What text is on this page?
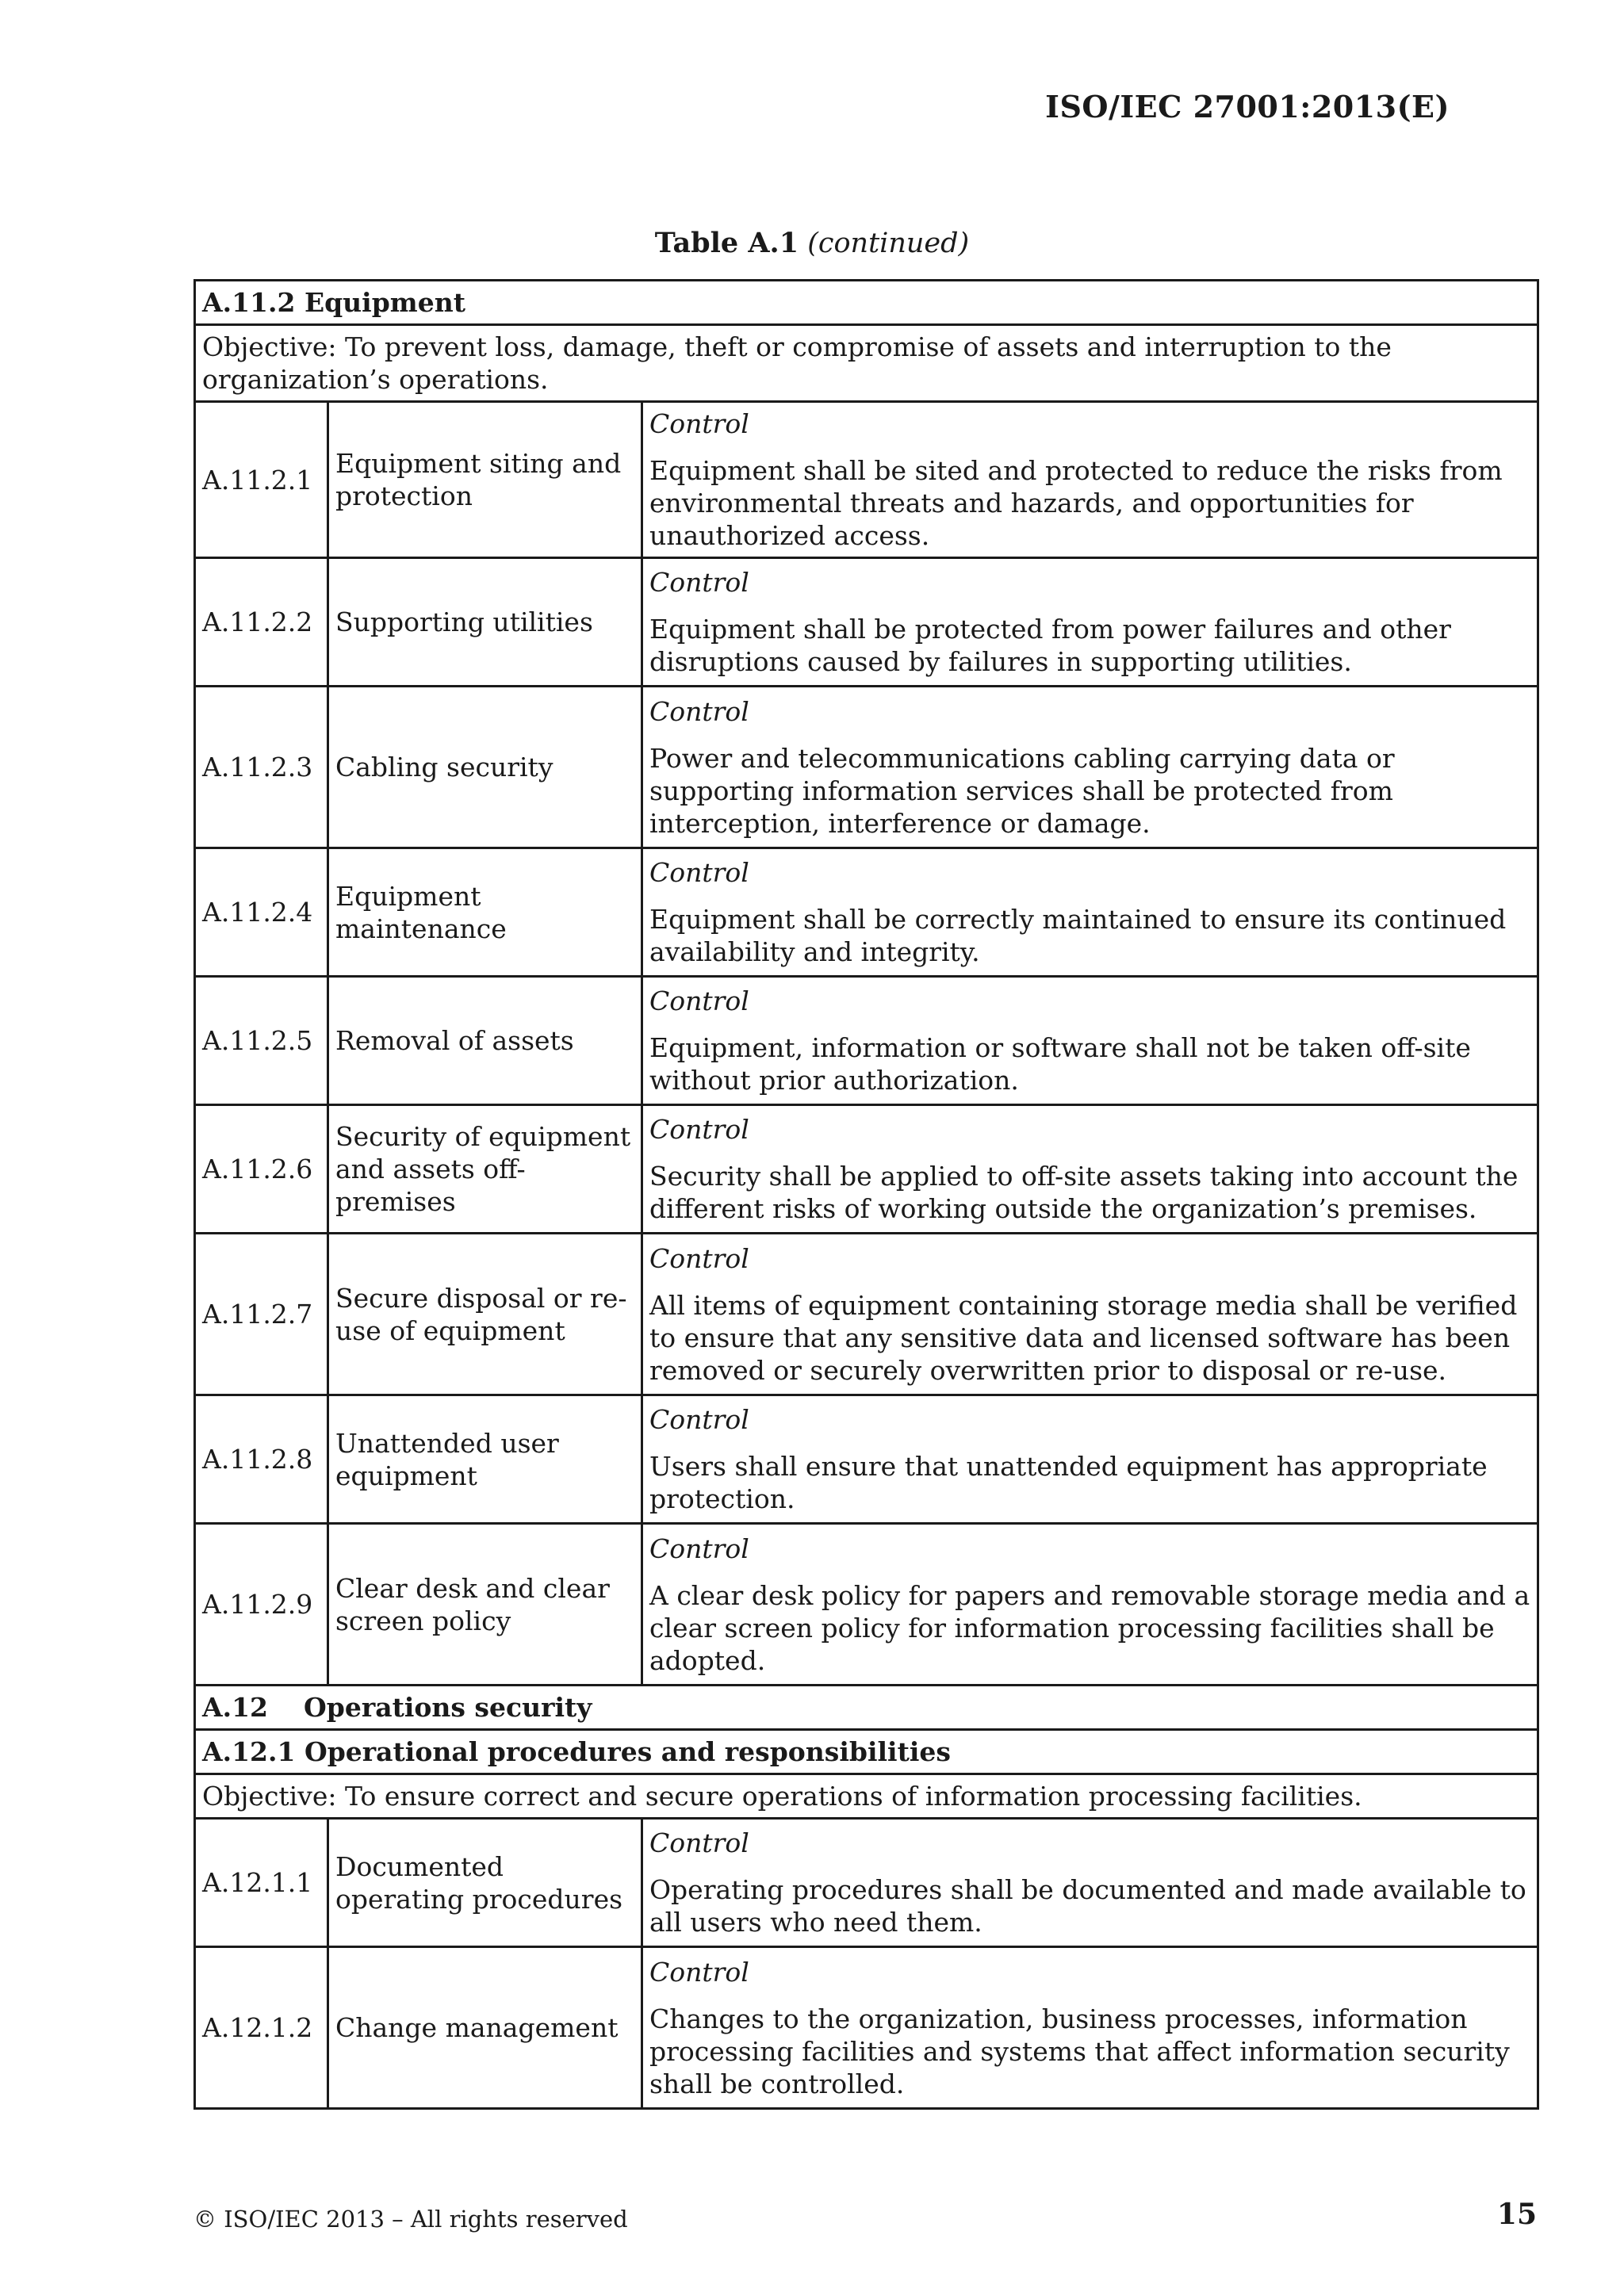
ISO/IEC 27001:2013(E)
Table A.1 (continued)
A.11.2 Equipment		
Objective: To prevent loss, damage, theft or compromise of assets and interruption to the organization’s operations.		
A.11.2.1	Equipment siting and protection	Control
Equipment shall be sited and protected to reduce the risks from environmental threats and hazards, and opportunities for unauthorized access.

A.11.2.2	Supporting utilities	Control
Equipment shall be protected from power failures and other disruptions caused by failures in supporting utilities.

A.11.2.3	Cabling security	Control
Power and telecommunications cabling carrying data or supporting information services shall be protected from interception, interference or damage.

A.11.2.4	Equipment maintenance	Control
Equipment shall be correctly maintained to ensure its continued availability and integrity.

A.11.2.5	Removal of assets	Control
Equipment, information or software shall not be taken off-site without prior authorization.

A.11.2.6	Security of equipment and assets off-premises	Control
Security shall be applied to off-site assets taking into account the different risks of working outside the organization’s premises.

A.11.2.7	Secure disposal or re-use of equipment	Control
All items of equipment containing storage media shall be verified to ensure that any sensitive data and licensed software has been removed or securely overwritten prior to disposal or re-use.

A.11.2.8	Unattended user equipment	Control
Users shall ensure that unattended equipment has appropriate protection.

A.11.2.9	Clear desk and clear screen policy	Control
A clear desk policy for papers and removable storage media and a clear screen policy for information processing facilities shall be adopted.

A.12 Operations security		
A.12.1 Operational procedures and responsibilities		
Objective: To ensure correct and secure operations of information processing facilities.		
A.12.1.1	Documented operating procedures	Control
Operating procedures shall be documented and made available to all users who need them.

A.12.1.2	Change management	Control
Changes to the organization, business processes, information processing facilities and systems that affect information security shall be controlled.
© ISO/IEC 2013 – All rights reserved	15
